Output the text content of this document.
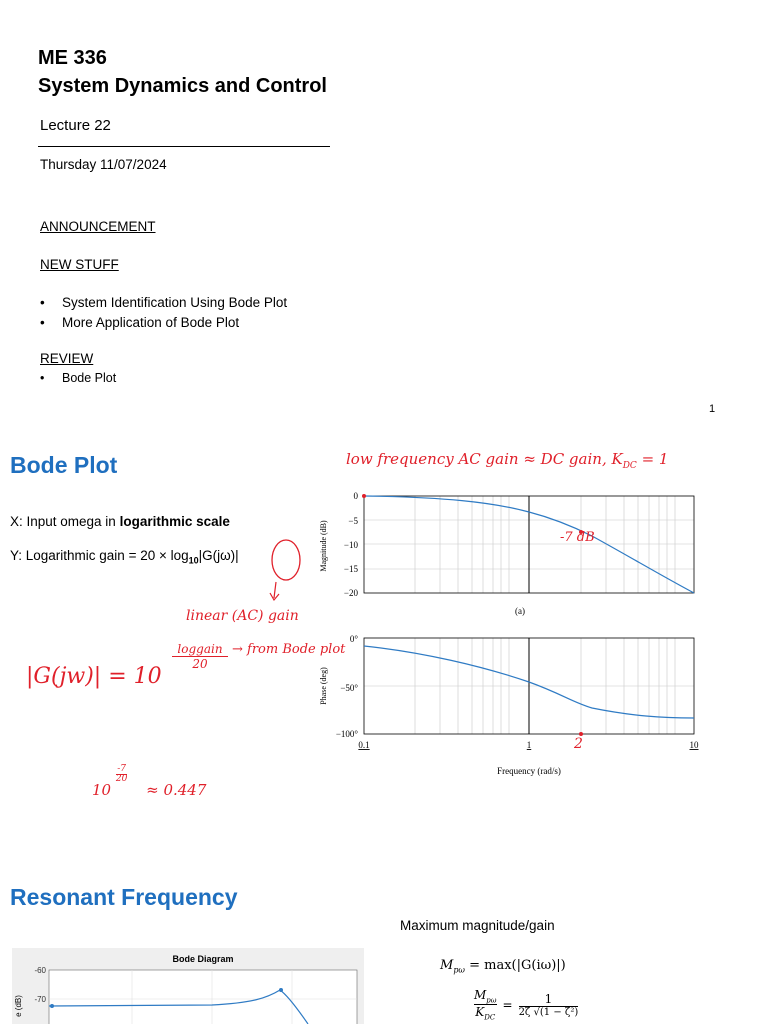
ME 336
System Dynamics and Control
Lecture 22
Thursday 11/07/2024
ANNOUNCEMENT
NEW STUFF
• System Identification Using Bode Plot
• More Application of Bode Plot
REVIEW
• Bode Plot
1
Bode Plot
X: Input omega in logarithmic scale
Y: Logarithmic gain = $20 \times \log_{10}|G(j\omega)|$
low frequency AC gain ≈ DC gain, $K_{DC} = 1$
linear (AC) gain
|G(jw)| = 10
loggain
20
→ from Bode plot
10
$\frac{-7}{20}$
≈ 0.447
Magnitude (dB)
0
−5
−10
−15
−20
(a)
-7 dB
Phase (deg)
0°
−50°
−100°
0.1	1	10
Frequency (rad/s)
2
Resonant Frequency
Maximum magnitude/gain
$M_{p\omega} = \max(|G(i\omega)|)$
$M_{p\omega}$
$K_{DC}$
=	1
2ζ √(1 − ζ²)
Bode Diagram
-60
-70
e (dB)
